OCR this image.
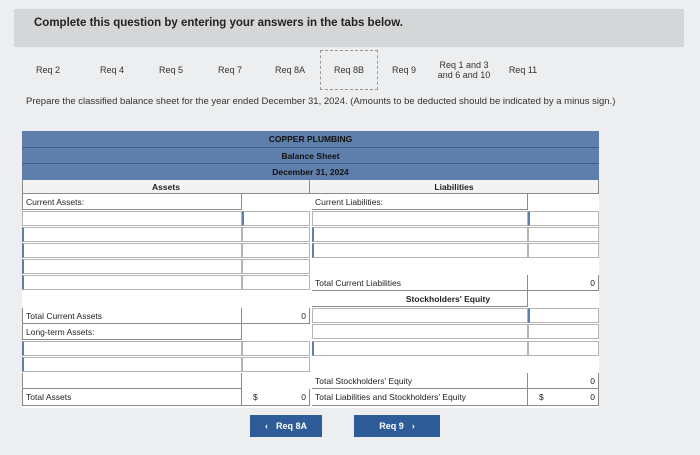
Complete this question by entering your answers in the tabs below.
Req 2	Req 4	Req 5	Req 7	Req 8A	Req 8B	Req 9	Req 1 and 3 and 6 and 10	Req 11
Prepare the classified balance sheet for the year ended December 31, 2024. (Amounts to be deducted should be indicated by a minus sign.)
COPPER PLUMBING
Balance Sheet
December 31, 2024
Assets	Liabilities
Current Assets:	Current Liabilities:
Total Current Liabilities	0
Stockholders' Equity
Total Current Assets	0
Long-term Assets:
Total Stockholders' Equity	0
Total Assets	$	0	Total Liabilities and Stockholders' Equity	$	0
‹ Req 8A	Req 9 ›
